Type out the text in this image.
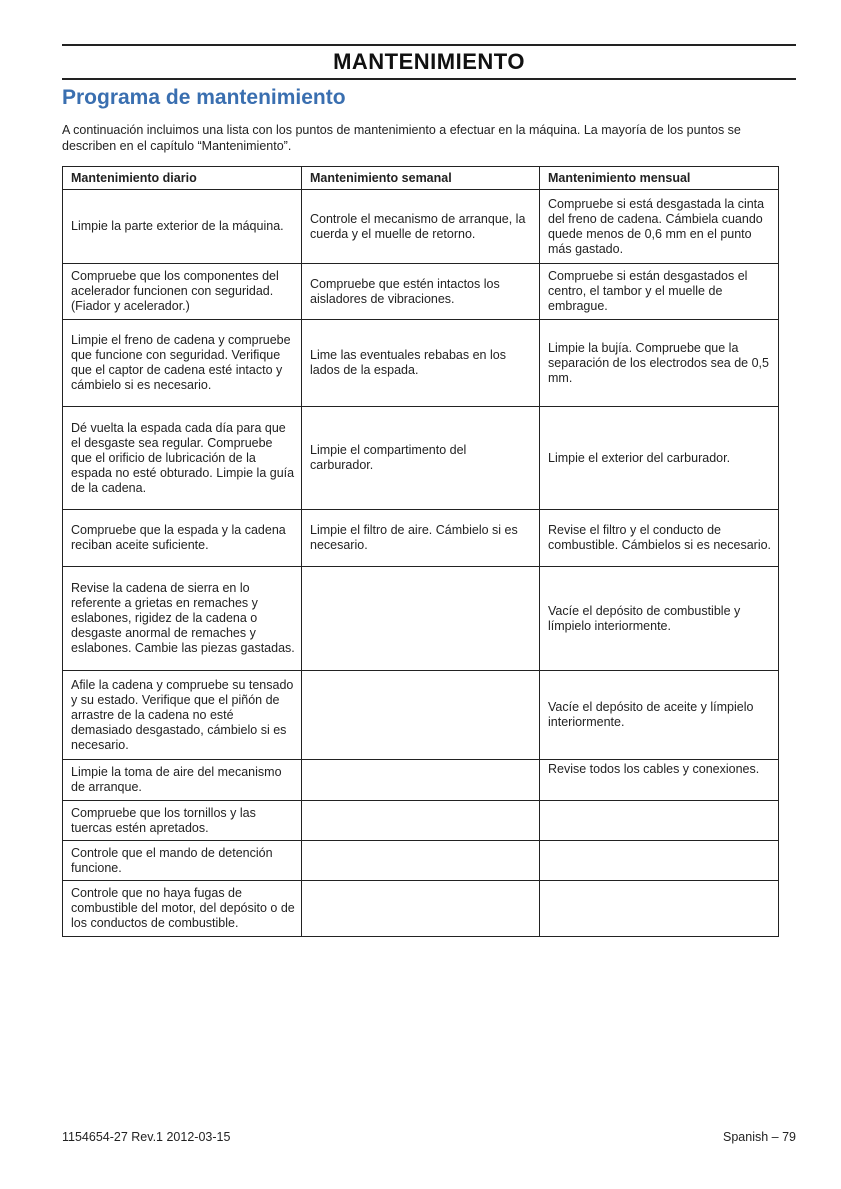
MANTENIMIENTO
Programa de mantenimiento

A continuación incluimos una lista con los puntos de mantenimiento a efectuar en la máquina. La mayoría de los puntos se describen en el capítulo “Mantenimiento”.

Mantenimiento diario	Mantenimiento semanal	Mantenimiento mensual
Limpie la parte exterior de la máquina.	Controle el mecanismo de arranque, la cuerda y el muelle de retorno.	Compruebe si está desgastada la cinta del freno de cadena. Cámbiela cuando quede menos de 0,6 mm en el punto más gastado.
Compruebe que los componentes del acelerador funcionen con seguridad. (Fiador y acelerador.)	Compruebe que estén intactos los aisladores de vibraciones.	Compruebe si están desgastados el centro, el tambor y el muelle de embrague.
Limpie el freno de cadena y compruebe que funcione con seguridad. Verifique que el captor de cadena esté intacto y cámbielo si es necesario.	Lime las eventuales rebabas en los lados de la espada.	Limpie la bujía. Compruebe que la separación de los electrodos sea de 0,5 mm.
Dé vuelta la espada cada día para que el desgaste sea regular. Compruebe que el orificio de lubricación de la espada no esté obturado. Limpie la guía de la cadena.	Limpie el compartimento del carburador.	Limpie el exterior del carburador.
Compruebe que la espada y la cadena reciban aceite suficiente.	Limpie el filtro de aire. Cámbielo si es necesario.	Revise el filtro y el conducto de combustible. Cámbielos si es necesario.
Revise la cadena de sierra en lo referente a grietas en remaches y eslabones, rigidez de la cadena o desgaste anormal de remaches y eslabones. Cambie las piezas gastadas.		Vacíe el depósito de combustible y límpielo interiormente.
Afile la cadena y compruebe su tensado y su estado. Verifique que el piñón de arrastre de la cadena no esté demasiado desgastado, cámbielo si es necesario.		Vacíe el depósito de aceite y límpielo interiormente.
Limpie la toma de aire del mecanismo de arranque.		Revise todos los cables y conexiones.
Compruebe que los tornillos y las tuercas estén apretados.		
Controle que el mando de detención funcione.		
Controle que no haya fugas de combustible del motor, del depósito o de los conductos de combustible.		
1154654-27 Rev.1 2012-03-15	Spanish – 79
